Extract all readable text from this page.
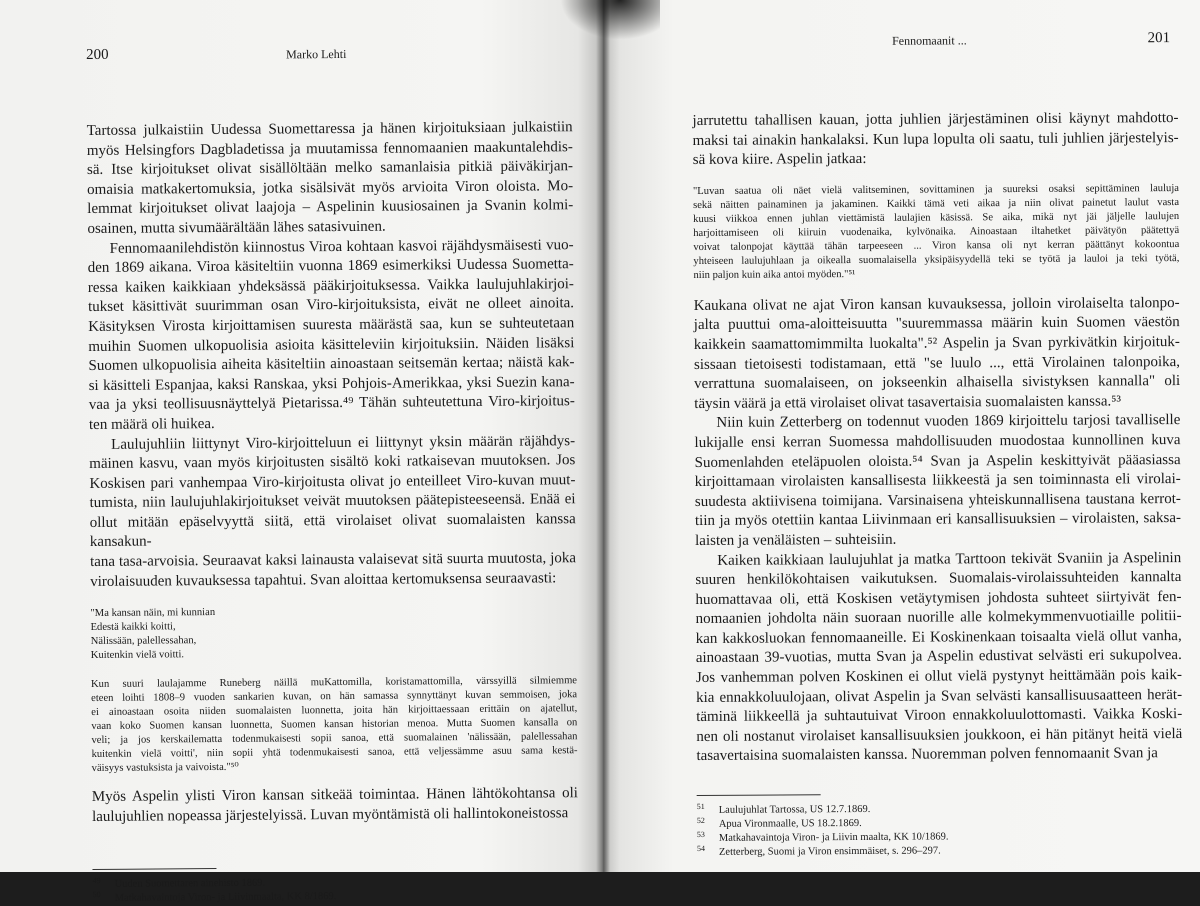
200	Marko Lehti

Tartossa julkaistiin Uudessa Suomettaressa ja hänen kirjoituksiaan julkaistiin
myös Helsingfors Dagbladetissa ja muutamissa fennomaanien maakuntalehdis-
sä. Itse kirjoitukset olivat sisällöltään melko samanlaisia pitkiä päiväkirjan-
omaisia matkakertomuksia, jotka sisälsivät myös arvioita Viron oloista. Mo-
lemmat kirjoitukset olivat laajoja – Aspelinin kuusiosainen ja Svanin kolmi-
osainen, mutta sivumäärältään lähes satasivuinen.

Fennomaanilehdistön kiinnostus Viroa kohtaan kasvoi räjähdysmäisesti vuo-
den 1869 aikana. Viroa käsiteltiin vuonna 1869 esimerkiksi Uudessa Suometta-
ressa kaiken kaikkiaan yhdeksässä pääkirjoituksessa. Vaikka laulujuhlakirjoi-
tukset käsittivät suurimman osan Viro-kirjoituksista, eivät ne olleet ainoita.
Käsityksen Virosta kirjoittamisen suuresta määrästä saa, kun se suhteutetaan
muihin Suomen ulkopuolisia asioita käsitteleviin kirjoituksiin. Näiden lisäksi
Suomen ulkopuolisia aiheita käsiteltiin ainoastaan seitsemän kertaa; näistä kak-
si käsitteli Espanjaa, kaksi Ranskaa, yksi Pohjois-Amerikkaa, yksi Suezin kana-
vaa ja yksi teollisuusnäyttelyä Pietarissa.⁴⁹ Tähän suhteutettuna Viro-kirjoitus-
ten määrä oli huikea.

Laulujuhliin liittynyt Viro-kirjoitteluun ei liittynyt yksin määrän räjähdys-
mäinen kasvu, vaan myös kirjoitusten sisältö koki ratkaisevan muutoksen. Jos
Koskisen pari vanhempaa Viro-kirjoitusta olivat jo enteilleet Viro-kuvan muut-
tumista, niin laulujuhlakirjoitukset veivät muutoksen päätepisteeseensä. Enää ei
ollut mitään epäselvyyttä siitä, että virolaiset olivat suomalaisten kanssa kansakun-
tana tasa-arvoisia. Seuraavat kaksi lainausta valaisevat sitä suurta muutosta, joka
virolaisuuden kuvauksessa tapahtui. Svan aloittaa kertomuksensa seuraavasti:

"Ma kansan näin, mi kunnian
Edestä kaikki koitti,
Nälissään, palellessahan,
Kuitenkin vielä voitti.

Kun suuri laulajamme Runeberg näillä muKattomilla, koristamattomilla, värssyillä silmiemme
eteen loihti 1808–9 vuoden sankarien kuvan, on hän samassa synnyttänyt kuvan semmoisen, joka
ei ainoastaan osoita niiden suomalaisten luonnetta, joita hän kirjoittaessaan erittäin on ajatellut,
vaan koko Suomen kansan luonnetta, Suomen kansan historian menoa. Mutta Suomen kansalla on
veli; ja jos kerskailematta todenmukaisesti sopii sanoa, että suomalainen 'nälissään, palellessahan
kuitenkin vielä voitti', niin sopii yhtä todenmukaisesti sanoa, että veljessämme asuu sama kestä-
väisyys vastuksista ja vaivoista."⁵⁰

Myös Aspelin ylisti Viron kansan sitkeää toimintaa. Hänen lähtökohtansa oli
laulujuhlien nopeassa järjestelyissä. Luvan myöntämistä oli hallintokoneistossa

49 Uuden Suomettaren ainehisto 1869.
50 Matkahavaintoja Viron- ja Liivinmaalta, KK 8/1869.
Fennomaanit ...	201

jarrutettu tahallisen kauan, jotta juhlien järjestäminen olisi käynyt mahdotto-
maksi tai ainakin hankalaksi. Kun lupa lopulta oli saatu, tuli juhlien järjestelyis-
sä kova kiire. Aspelin jatkaa:

"Luvan saatua oli näet vielä valitseminen, sovittaminen ja suureksi osaksi sepittäminen lauluja
sekä näitten painaminen ja jakaminen. Kaikki tämä veti aikaa ja niin olivat painetut laulut vasta
kuusi viikkoa ennen juhlan viettämistä laulajien käsissä. Se aika, mikä nyt jäi jäljelle laulujen
harjoittamiseen oli kiiruin vuodenaika, kylvönaika. Ainoastaan iltahetket päivätyön päätettyä
voivat talonpojat käyttää tähän tarpeeseen ... Viron kansa oli nyt kerran päättänyt kokoontua
yhteiseen laulujuhlaan ja oikealla suomalaisella yksipäisyydellä teki se työtä ja lauloi ja teki työtä,
niin paljon kuin aika antoi myöden."⁵¹

Kaukana olivat ne ajat Viron kansan kuvauksessa, jolloin virolaiselta talonpo-
jalta puuttui oma-aloitteisuutta "suuremmassa määrin kuin Suomen väestön
kaikkein saamattomimmilta luokalta".⁵² Aspelin ja Svan pyrkivätkin kirjoituk-
sissaan tietoisesti todistamaan, että "se luulo ..., että Virolainen talonpoika,
verrattuna suomalaiseen, on jokseenkin alhaisella sivistyksen kannalla" oli
täysin väärä ja että virolaiset olivat tasavertaisia suomalaisten kanssa.⁵³

Niin kuin Zetterberg on todennut vuoden 1869 kirjoittelu tarjosi tavalliselle
lukijalle ensi kerran Suomessa mahdollisuuden muodostaa kunnollinen kuva
Suomenlahden eteläpuolen oloista.⁵⁴ Svan ja Aspelin keskittyivät pääasiassa
kirjoittamaan virolaisten kansallisesta liikkeestä ja sen toiminnasta eli virolai-
suudesta aktiivisena toimijana. Varsinaisena yhteiskunnallisena taustana kerrot-
tiin ja myös otettiin kantaa Liivinmaan eri kansallisuuksien – virolaisten, saksa-
laisten ja venäläisten – suhteisiin.

Kaiken kaikkiaan laulujuhlat ja matka Tarttoon tekivät Svaniin ja Aspelinin
suuren henkilökohtaisen vaikutuksen. Suomalais-virolaissuhteiden kannalta
huomattavaa oli, että Koskisen vetäytymisen johdosta suhteet siirtyivät fen-
nomaanien johdolta näin suoraan nuorille alle kolmekymmenvuotiaille politii-
kan kakkosluokan fennomaaneille. Ei Koskinenkaan toisaalta vielä ollut vanha,
ainoastaan 39-vuotias, mutta Svan ja Aspelin edustivat selvästi eri sukupolvea.
Jos vanhemman polven Koskinen ei ollut vielä pystynyt heittämään pois kaik-
kia ennakkoluulojaan, olivat Aspelin ja Svan selvästi kansallisuusaatteen herät-
täminä liikkeellä ja suhtautuivat Viroon ennakkoluulottomasti. Vaikka Koski-
nen oli nostanut virolaiset kansallisuuksien joukkoon, ei hän pitänyt heitä vielä
tasavertaisina suomalaisten kanssa. Nuoremman polven fennomaanit Svan ja

51 Laulujuhlat Tartossa, US 12.7.1869.
52 Apua Vironmaalle, US 18.2.1869.
53 Matkahavaintoja Viron- ja Liivin maalta, KK 10/1869.
54 Zetterberg, Suomi ja Viron ensimmäiset, s. 296–297.
